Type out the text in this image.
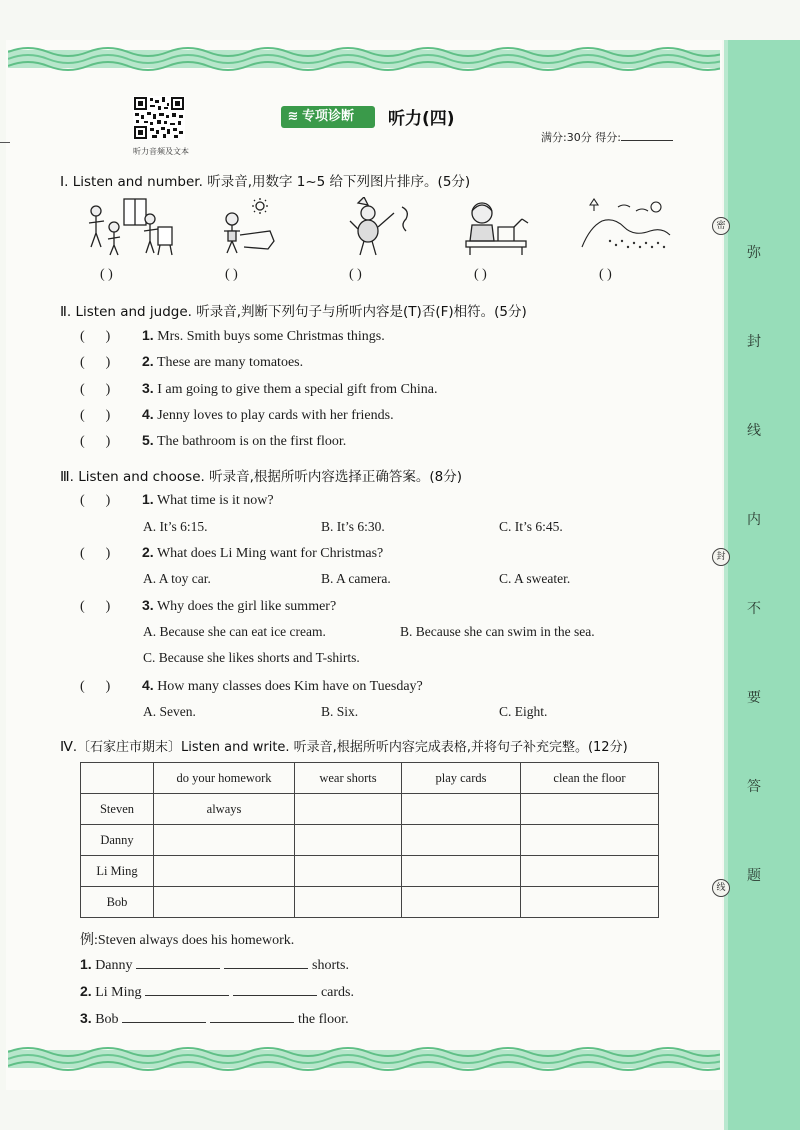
密
封
线
弥
封
线
内
不
要
答
题
听力音频及文本
≋ 专项诊断	听力(四)
满分:30分 得分:
Ⅰ. Listen and number. 听录音,用数字 1~5 给下列图片排序。(5分)
( )	( )	( )	( )	( )
Ⅱ. Listen and judge. 听录音,判断下列句子与所听内容是(T)否(F)相符。(5分)
(      ) 1. Mrs. Smith buys some Christmas things.
(      ) 2. These are many tomatoes.
(      ) 3. I am going to give them a special gift from China.
(      ) 4. Jenny loves to play cards with her friends.
(      ) 5. The bathroom is on the first floor.
Ⅲ. Listen and choose. 听录音,根据所听内容选择正确答案。(8分)
(      ) 1. What time is it now?
A. It’s 6:15.	B. It’s 6:30.	C. It’s 6:45.
(      ) 2. What does Li Ming want for Christmas?
A. A toy car.	B. A camera.	C. A sweater.
(      ) 3. Why does the girl like summer?
A. Because she can eat ice cream.	B. Because she can swim in the sea.
C. Because she likes shorts and T-shirts.
(      ) 4. How many classes does Kim have on Tuesday?
A. Seven.	B. Six.	C. Eight.
Ⅳ.〔石家庄市期末〕Listen and write. 听录音,根据所听内容完成表格,并将句子补充完整。(12分)
	do your homework	wear shorts	play cards	clean the floor
Steven	always			
Danny				
Li Ming				
Bob				
例:Steven always does his homework.
1. Danny	shorts.
2. Li Ming	cards.
3. Bob	the floor.
